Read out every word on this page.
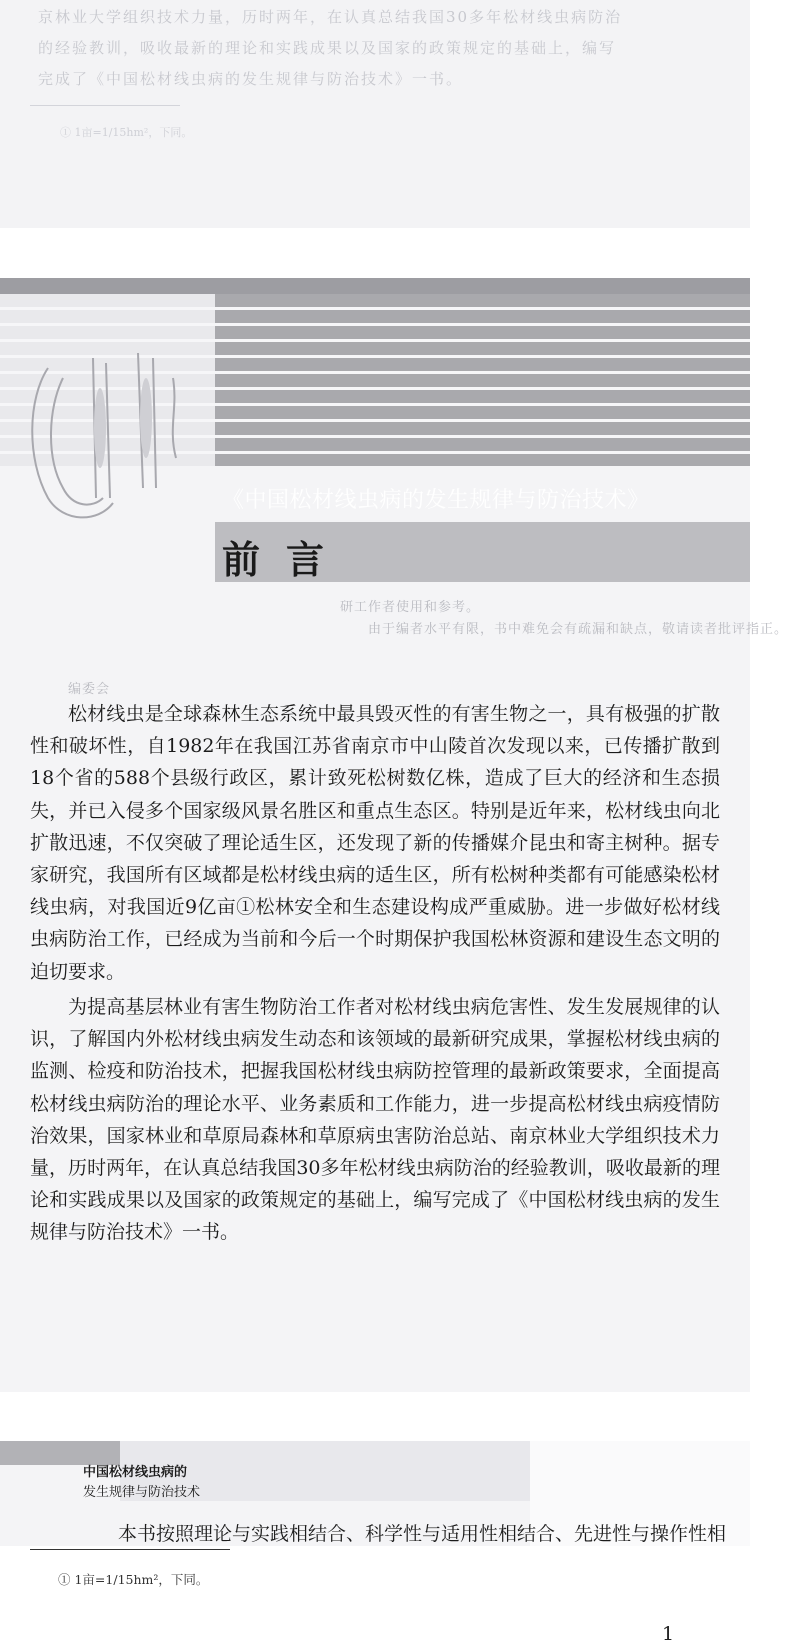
京林业大学组织技术力量，历时两年，在认真总结我国30多年松材线虫病防治
的经验教训，吸收最新的理论和实践成果以及国家的政策规定的基础上，编写
完成了《中国松材线虫病的发生规律与防治技术》一书。
① 1亩=1/15hm²，下同。
研工作者使用和参考。
由于编者水平有限，书中难免会有疏漏和缺点，敬请读者批评指正。
编委会
《中国松材线虫病的发生规律与防治技术》
前言

松材线虫是全球森林生态系统中最具毁灭性的有害生物之一，具有极强的扩散性和破坏性，自1982年在我国江苏省南京市中山陵首次发现以来，已传播扩散到18个省的588个县级行政区，累计致死松树数亿株，造成了巨大的经济和生态损失，并已入侵多个国家级风景名胜区和重点生态区。特别是近年来，松材线虫向北扩散迅速，不仅突破了理论适生区，还发现了新的传播媒介昆虫和寄主树种。据专家研究，我国所有区域都是松材线虫病的适生区，所有松树种类都有可能感染松材线虫病，对我国近9亿亩①松林安全和生态建设构成严重威胁。进一步做好松材线虫病防治工作，已经成为当前和今后一个时期保护我国松林资源和建设生态文明的迫切要求。

为提高基层林业有害生物防治工作者对松材线虫病危害性、发生发展规律的认识，了解国内外松材线虫病发生动态和该领域的最新研究成果，掌握松材线虫病的监测、检疫和防治技术，把握我国松材线虫病防控管理的最新政策要求，全面提高松材线虫病防治的理论水平、业务素质和工作能力，进一步提高松材线虫病疫情防治效果，国家林业和草原局森林和草原病虫害防治总站、南京林业大学组织技术力量，历时两年，在认真总结我国30多年松材线虫病防治的经验教训，吸收最新的理论和实践成果以及国家的政策规定的基础上，编写完成了《中国松材线虫病的发生规律与防治技术》一书。

① 1亩=1/15hm²，下同。
1
中国松材线虫病的
发生规律与防治技术
本书按照理论与实践相结合、科学性与适用性相结合、先进性与操作性相
